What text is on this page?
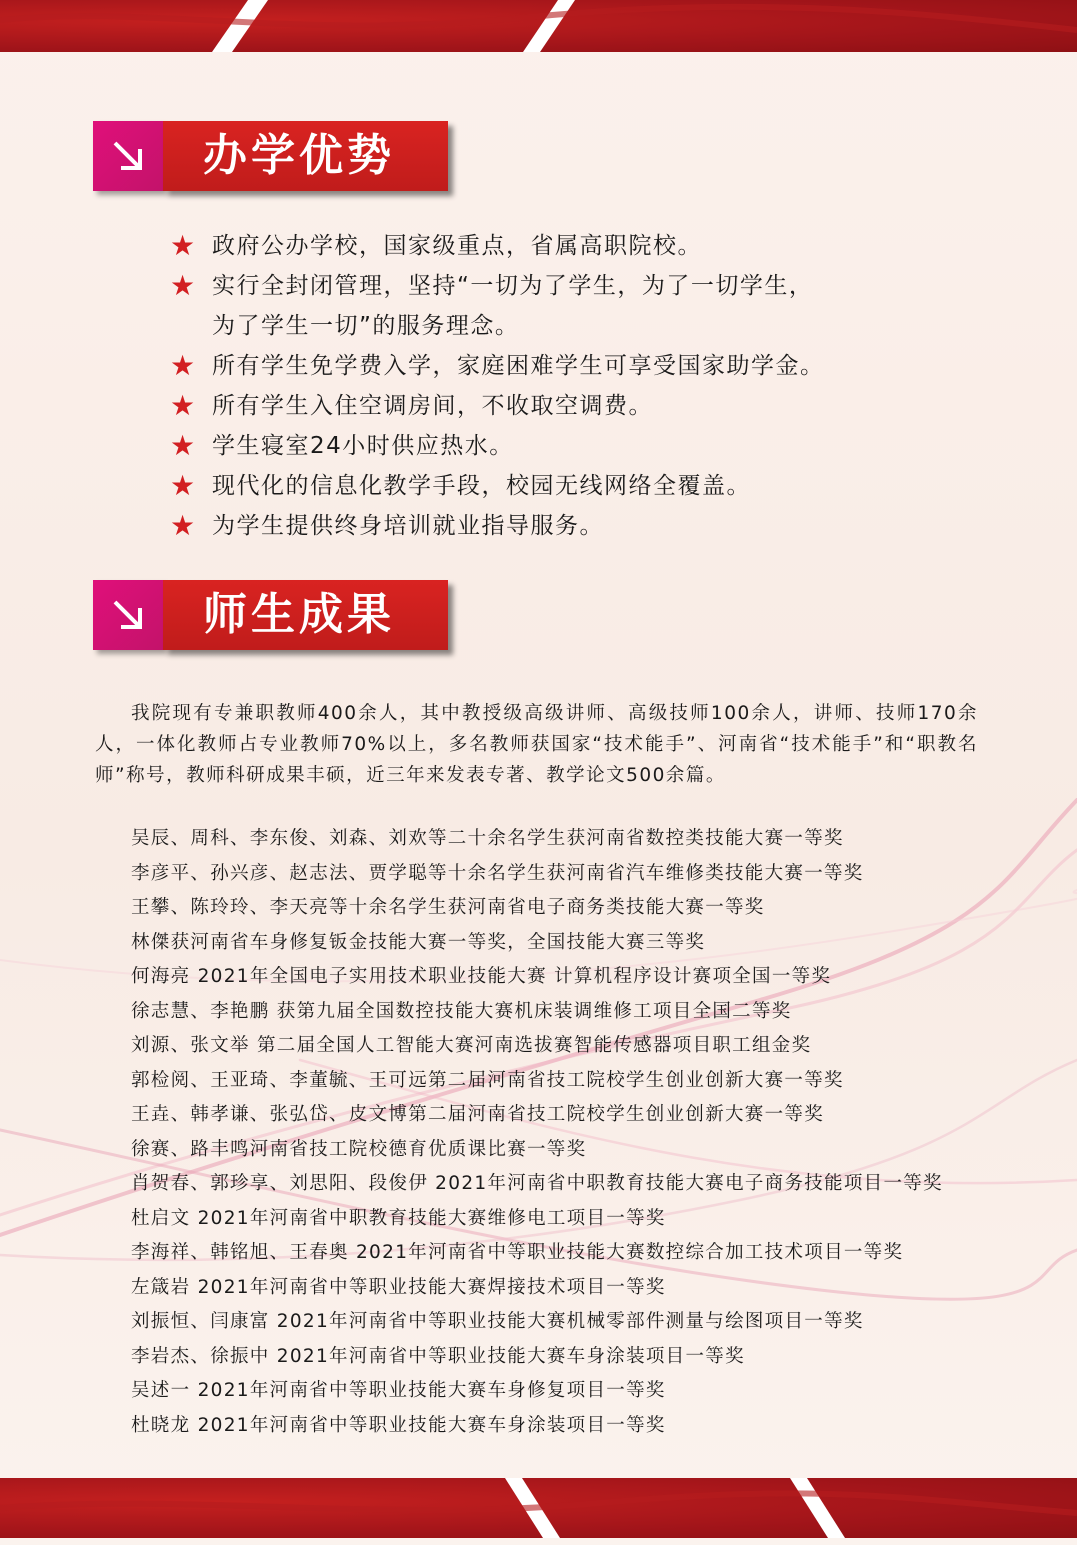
办学优势
★ 政府公办学校，国家级重点，省属高职院校。
★ 实行全封闭管理，坚持“一切为了学生，为了一切学生，
为了学生一切”的服务理念。
★ 所有学生免学费入学，家庭困难学生可享受国家助学金。
★ 所有学生入住空调房间，不收取空调费。
★ 学生寝室24小时供应热水。
★ 现代化的信息化教学手段，校园无线网络全覆盖。
★ 为学生提供终身培训就业指导服务。
师生成果

我院现有专兼职教师400余人，其中教授级高级讲师、高级技师100余人，讲师、技师170余人，一体化教师占专业教师70%以上，多名教师获国家“技术能手”、河南省“技术能手”和“职教名师”称号，教师科研成果丰硕，近三年来发表专著、教学论文500余篇。

吴辰、周科、李东俊、刘森、刘欢等二十余名学生获河南省数控类技能大赛一等奖
李彦平、孙兴彦、赵志法、贾学聪等十余名学生获河南省汽车维修类技能大赛一等奖
王攀、陈玲玲、李天亮等十余名学生获河南省电子商务类技能大赛一等奖
林傑获河南省车身修复钣金技能大赛一等奖，全国技能大赛三等奖
何海亮 2021年全国电子实用技术职业技能大赛 计算机程序设计赛项全国一等奖
徐志慧、李艳鹏 获第九届全国数控技能大赛机床装调维修工项目全国二等奖
刘源、张文举 第二届全国人工智能大赛河南选拔赛智能传感器项目职工组金奖
郭检阅、王亚琦、李董毓、王可远第二届河南省技工院校学生创业创新大赛一等奖
王垚、韩孝谦、张弘岱、皮文博第二届河南省技工院校学生创业创新大赛一等奖
徐赛、路丰鸣河南省技工院校德育优质课比赛一等奖
肖贺春、郭珍享、刘思阳、段俊伊 2021年河南省中职教育技能大赛电子商务技能项目一等奖
杜启文 2021年河南省中职教育技能大赛维修电工项目一等奖
李海祥、韩铭旭、王春奥 2021年河南省中等职业技能大赛数控综合加工技术项目一等奖
左箴岩 2021年河南省中等职业技能大赛焊接技术项目一等奖
刘振恒、闫康富 2021年河南省中等职业技能大赛机械零部件测量与绘图项目一等奖
李岩杰、徐振中 2021年河南省中等职业技能大赛车身涂装项目一等奖
吴述一 2021年河南省中等职业技能大赛车身修复项目一等奖
杜晓龙 2021年河南省中等职业技能大赛车身涂装项目一等奖
